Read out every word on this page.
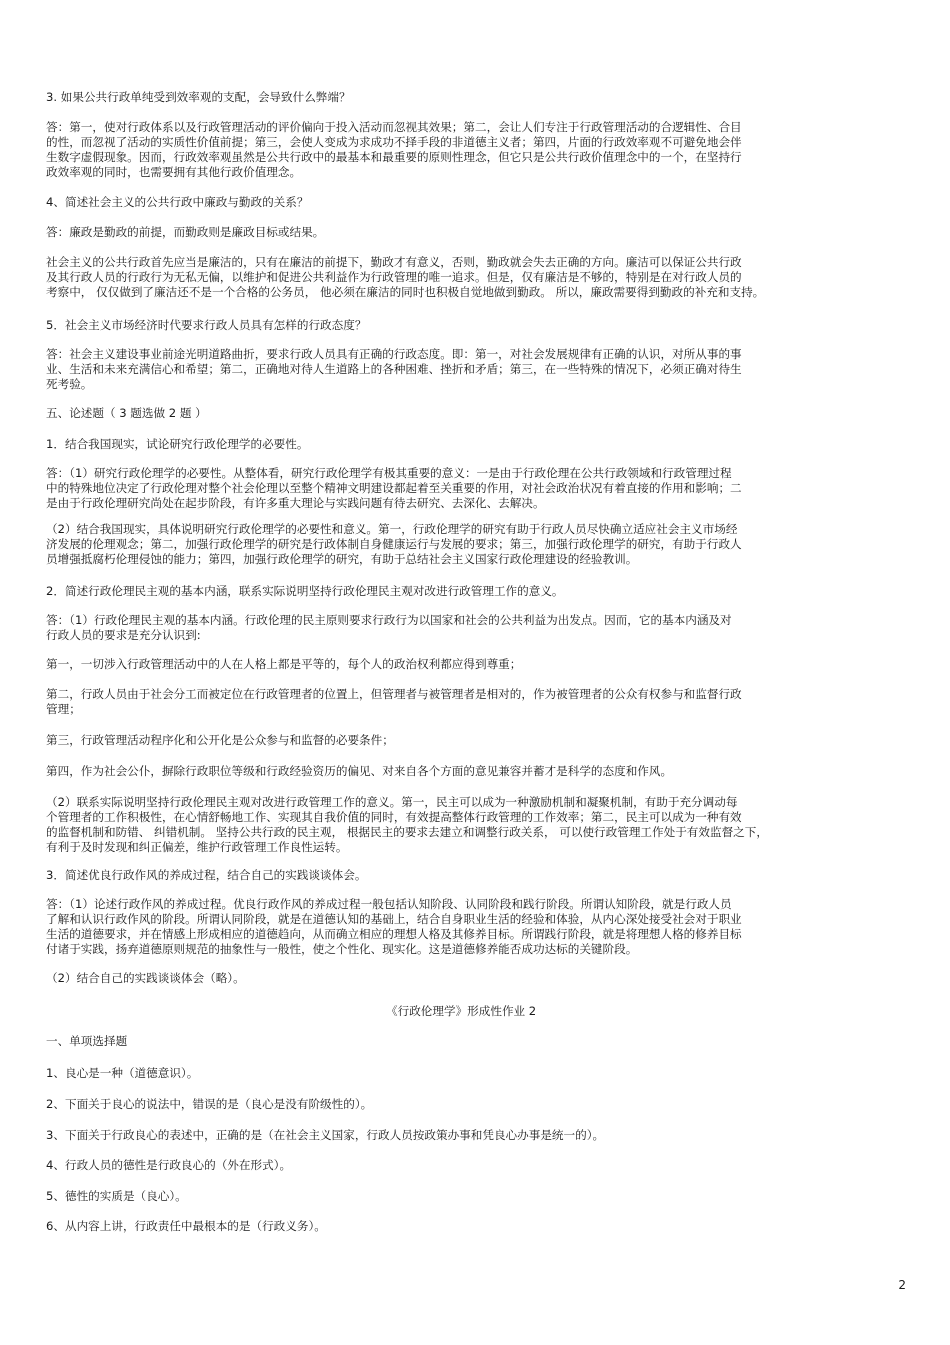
3. 如果公共行政单纯受到效率观的支配，会导致什么弊端？
答：第一，使对行政体系以及行政管理活动的评价偏向于投入活动而忽视其效果；第二，会让人们专注于行政管理活动的合逻辑性、合目
的性，而忽视了活动的实质性价值前提；第三，会使人变成为求成功不择手段的非道德主义者；第四，片面的行政效率观不可避免地会伴
生数字虚假现象。因而，行政效率观虽然是公共行政中的最基本和最重要的原则性理念，但它只是公共行政价值理念中的一个，在坚持行
政效率观的同时，也需要拥有其他行政价值理念。
4、简述社会主义的公共行政中廉政与勤政的关系？
答：廉政是勤政的前提，而勤政则是廉政目标或结果。
社会主义的公共行政首先应当是廉洁的，只有在廉洁的前提下，勤政才有意义，否则，勤政就会失去正确的方向。廉洁可以保证公共行政
及其行政人员的行政行为无私无偏，以维护和促进公共利益作为行政管理的唯一追求。但是，仅有廉洁是不够的，特别是在对行政人员的
考察中， 仅仅做到了廉洁还不是一个合格的公务员， 他必须在廉洁的同时也积极自觉地做到勤政。 所以，廉政需要得到勤政的补充和支持。
5．社会主义市场经济时代要求行政人员具有怎样的行政态度？
答：社会主义建设事业前途光明道路曲折，要求行政人员具有正确的行政态度。即：第一，对社会发展规律有正确的认识，对所从事的事
业、生活和未来充满信心和希望；第二，正确地对待人生道路上的各种困难、挫折和矛盾；第三，在一些特殊的情况下，必须正确对待生
死考验。
五、论述题（ 3 题选做 2 题 ）
1．结合我国现实，试论研究行政伦理学的必要性。
答：（1）研究行政伦理学的必要性。从整体看，研究行政伦理学有极其重要的意义：一是由于行政伦理在公共行政领域和行政管理过程
中的特殊地位决定了行政伦理对整个社会伦理以至整个精神文明建设都起着至关重要的作用，对社会政治状况有着直接的作用和影响；二
是由于行政伦理研究尚处在起步阶段，有许多重大理论与实践问题有待去研究、去深化、去解决。
（2）结合我国现实，具体说明研究行政伦理学的必要性和意义。第一，行政伦理学的研究有助于行政人员尽快确立适应社会主义市场经
济发展的伦理观念；第二，加强行政伦理学的研究是行政体制自身健康运行与发展的要求；第三，加强行政伦理学的研究，有助于行政人
员增强抵腐朽伦理侵蚀的能力；第四，加强行政伦理学的研究，有助于总结社会主义国家行政伦理建设的经验教训。
2．简述行政伦理民主观的基本内涵，联系实际说明坚持行政伦理民主观对改进行政管理工作的意义。
答：（1）行政伦理民主观的基本内涵。行政伦理的民主原则要求行政行为以国家和社会的公共利益为出发点。因而，它的基本内涵及对
行政人员的要求是充分认识到:
第一，一切涉入行政管理活动中的人在人格上都是平等的，每个人的政治权利都应得到尊重；
第二，行政人员由于社会分工而被定位在行政管理者的位置上，但管理者与被管理者是相对的，作为被管理者的公众有权参与和监督行政
管理；
第三，行政管理活动程序化和公开化是公众参与和监督的必要条件；
第四，作为社会公仆，摒除行政职位等级和行政经验资历的偏见、对来自各个方面的意见兼容并蓄才是科学的态度和作风。
（2）联系实际说明坚持行政伦理民主观对改进行政管理工作的意义。第一，民主可以成为一种激励机制和凝聚机制，有助于充分调动每
个管理者的工作积极性，在心情舒畅地工作、实现其自我价值的同时，有效提高整体行政管理的工作效率；第二，民主可以成为一种有效
的监督机制和防错、 纠错机制。 坚持公共行政的民主观， 根据民主的要求去建立和调整行政关系， 可以使行政管理工作处于有效监督之下，
有利于及时发现和纠正偏差，维护行政管理工作良性运转。
3．简述优良行政作风的养成过程，结合自己的实践谈谈体会。
答：（1）论述行政作风的养成过程。优良行政作风的养成过程一般包括认知阶段、认同阶段和践行阶段。所谓认知阶段，就是行政人员
了解和认识行政作风的阶段。所谓认同阶段，就是在道德认知的基础上，结合自身职业生活的经验和体验，从内心深处接受社会对于职业
生活的道德要求，并在情感上形成相应的道德趋向，从而确立相应的理想人格及其修养目标。所谓践行阶段，就是将理想人格的修养目标
付诸于实践，扬弃道德原则规范的抽象性与一般性，使之个性化、现实化。这是道德修养能否成功达标的关键阶段。
（2）结合自己的实践谈谈体会（略）。
一、单项选择题
1、良心是一种（道德意识）。
2、下面关于良心的说法中，错误的是（良心是没有阶级性的）。
3、下面关于行政良心的表述中，正确的是（在社会主义国家，行政人员按政策办事和凭良心办事是统一的）。
4、行政人员的德性是行政良心的（外在形式）。
5、德性的实质是（良心）。
6、从内容上讲，行政责任中最根本的是（行政义务）。
《行政伦理学》形成性作业 2
2
